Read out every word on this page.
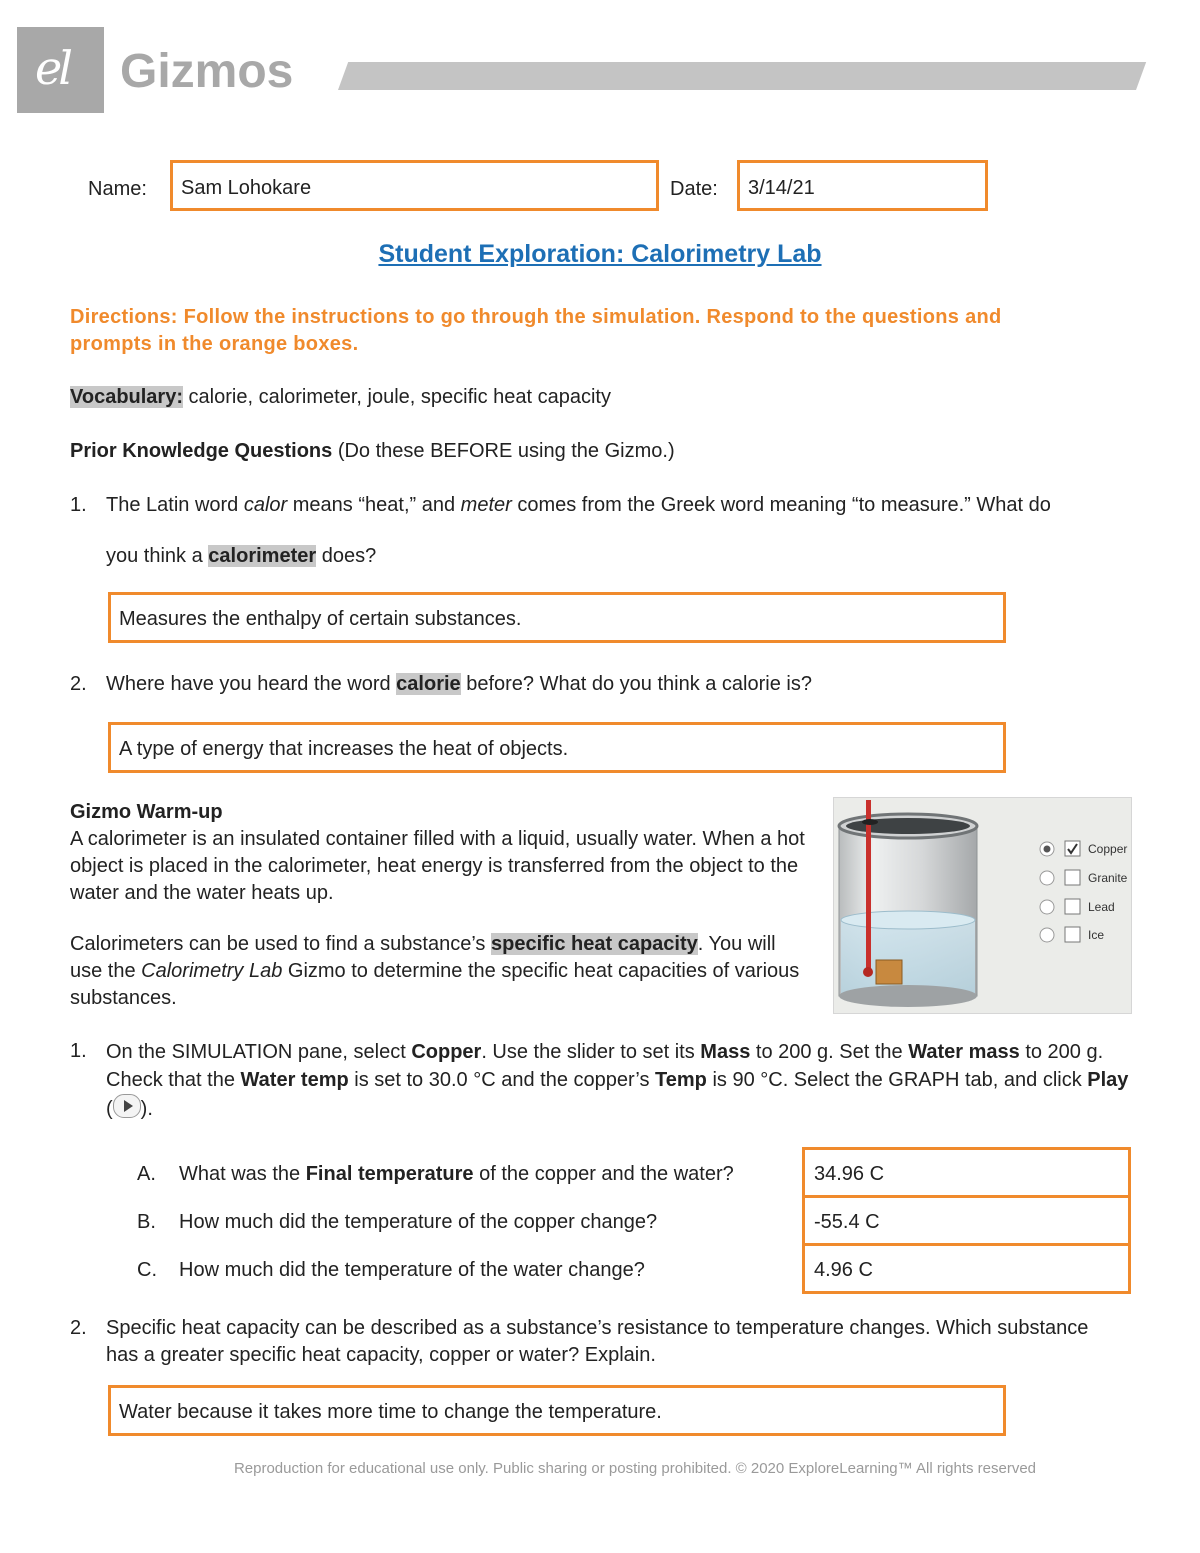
el Gizmos
Name: Sam Lohokare	Date: 3/14/21
Student Exploration: Calorimetry Lab
Directions: Follow the instructions to go through the simulation. Respond to the questions and prompts in the orange boxes.
Vocabulary: calorie, calorimeter, joule, specific heat capacity
Prior Knowledge Questions (Do these BEFORE using the Gizmo.)
1. The Latin word calor means “heat,” and meter comes from the Greek word meaning “to measure.” What do
you think a calorimeter does?
Measures the enthalpy of certain substances.
2. Where have you heard the word calorie before? What do you think a calorie is?
A type of energy that increases the heat of objects.
Gizmo Warm-up
A calorimeter is an insulated container filled with a liquid, usually water. When a hot object is placed in the calorimeter, heat energy is transferred from the object to the water and the water heats up.
Calorimeters can be used to find a substance’s specific heat capacity. You will use the Calorimetry Lab Gizmo to determine the specific heat capacities of various substances.
Copper
Granite
Lead
Ice
1. On the SIMULATION pane, select Copper. Use the slider to set its Mass to 200 g. Set the Water mass to 200 g. Check that the Water temp is set to 30.0 °C and the copper’s Temp is 90 °C. Select the GRAPH tab, and click Play ( ).
A. What was the Final temperature of the copper and the water?
B. How much did the temperature of the copper change?
C. How much did the temperature of the water change?
34.96 C
-55.4 C
4.96 C
2. Specific heat capacity can be described as a substance’s resistance to temperature changes. Which substance has a greater specific heat capacity, copper or water? Explain.
Water because it takes more time to change the temperature.
Reproduction for educational use only. Public sharing or posting prohibited. © 2020 ExploreLearning™ All rights reserved
